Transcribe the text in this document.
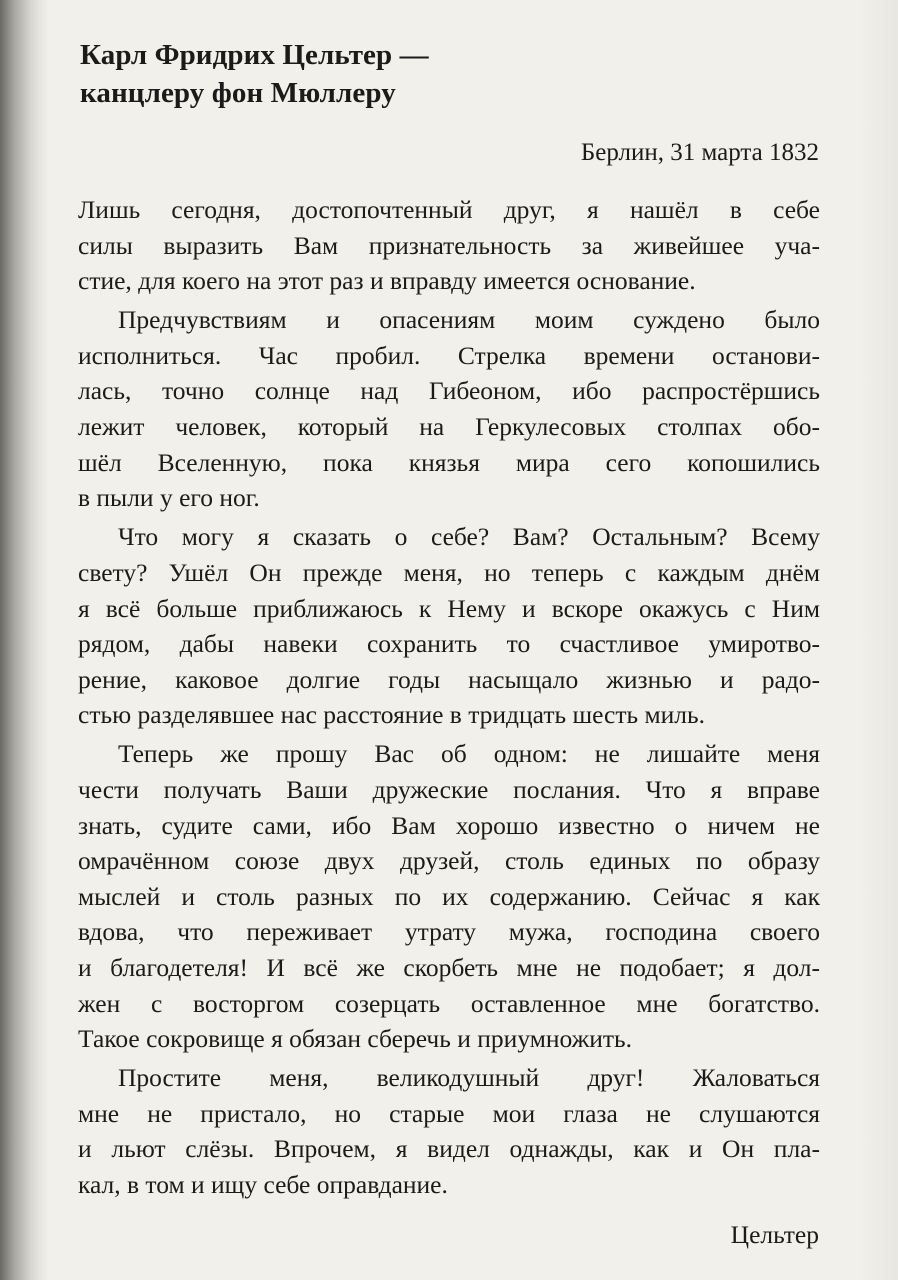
Карл Фридрих Цельтер —
канцлеру фон Мюллеру
Берлин, 31 марта 1832
Лишь сегодня, достопочтенный друг, я нашёл в себе
силы выразить Вам признательность за живейшее уча-
стие, для коего на этот раз и вправду имеется основание.
Предчувствиям и опасениям моим суждено было
исполниться. Час пробил. Стрелка времени останови-
лась, точно солнце над Гибеоном, ибо распростёршись
лежит человек, который на Геркулесовых столпах обо-
шёл Вселенную, пока князья мира сего копошились
в пыли у его ног.
Что могу я сказать о себе? Вам? Остальным? Всему
свету? Ушёл Он прежде меня, но теперь с каждым днём
я всё больше приближаюсь к Нему и вскоре окажусь с Ним
рядом, дабы навеки сохранить то счастливое умиротво-
рение, каковое долгие годы насыщало жизнью и радо-
стью разделявшее нас расстояние в тридцать шесть миль.
Теперь же прошу Вас об одном: не лишайте меня
чести получать Ваши дружеские послания. Что я вправе
знать, судите сами, ибо Вам хорошо известно о ничем не
омрачённом союзе двух друзей, столь единых по образу
мыслей и столь разных по их содержанию. Сейчас я как
вдова, что переживает утрату мужа, господина своего
и благодетеля! И всё же скорбеть мне не подобает; я дол-
жен с восторгом созерцать оставленное мне богатство.
Такое сокровище я обязан сберечь и приумножить.
Простите меня, великодушный друг! Жаловаться
мне не пристало, но старые мои глаза не слушаются
и льют слёзы. Впрочем, я видел однажды, как и Он пла-
кал, в том и ищу себе оправдание.
Цельтер
